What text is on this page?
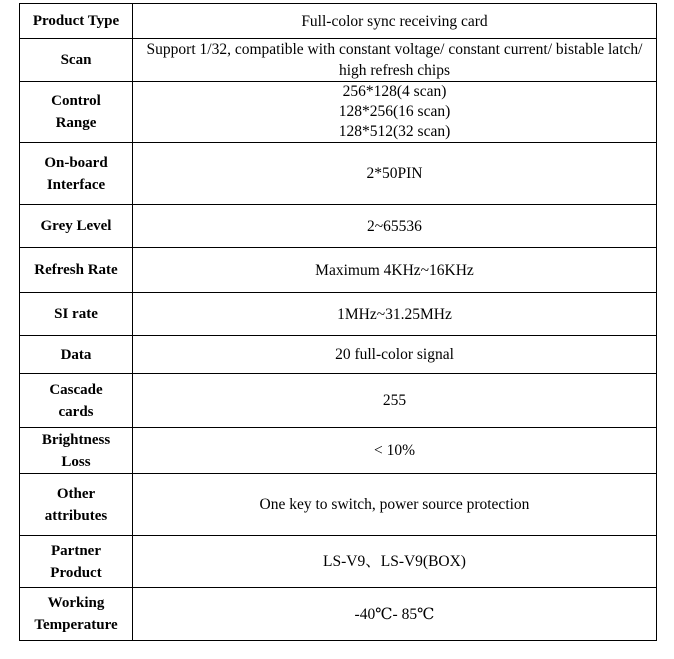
Product Type	Full-color sync receiving card
Scan	Support 1/32, compatible with constant voltage/ constant current/ bistable latch/ high refresh chips
Control Range	256*128(4 scan)
128*256(16 scan)
128*512(32 scan)

On-board Interface	2*50PIN
Grey Level	2~65536
Refresh Rate	Maximum 4KHz~16KHz
SI rate	1MHz~31.25MHz
Data	20 full-color signal
Cascade cards	255
Brightness Loss	< 10%
Other attributes	One key to switch, power source protection
Partner Product	LS-V9、LS-V9(BOX)
Working Temperature	-40℃- 85℃
